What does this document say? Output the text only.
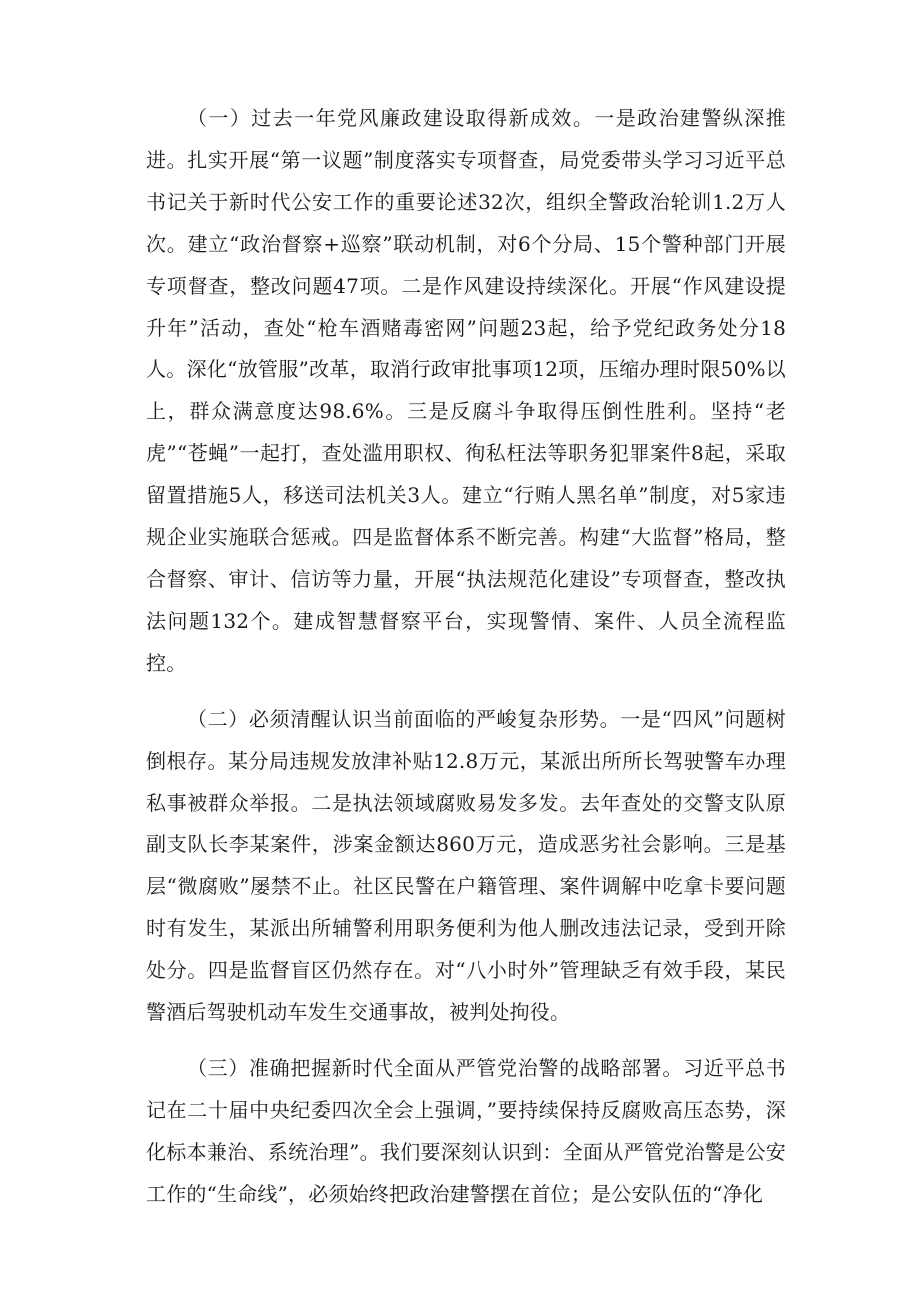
（一）过去一年党风廉政建设取得新成效。一是政治建警纵深推进。扎实开展“第一议题”制度落实专项督查，局党委带头学习习近平总书记关于新时代公安工作的重要论述32次，组织全警政治轮训1.2万人次。建立“政治督察+巡察”联动机制，对6个分局、15个警种部门开展专项督查，整改问题47项。二是作风建设持续深化。开展“作风建设提升年”活动，查处“枪车酒赌毒密网”问题23起，给予党纪政务处分18人。深化“放管服”改革，取消行政审批事项12项，压缩办理时限50%以上，群众满意度达98.6%。三是反腐斗争取得压倒性胜利。坚持“老虎”“苍蝇”一起打，查处滥用职权、徇私枉法等职务犯罪案件8起，采取留置措施5人，移送司法机关3人。建立“行贿人黑名单”制度，对5家违规企业实施联合惩戒。四是监督体系不断完善。构建“大监督”格局，整合督察、审计、信访等力量，开展“执法规范化建设”专项督查，整改执法问题132个。建成智慧督察平台，实现警情、案件、人员全流程监控。

（二）必须清醒认识当前面临的严峻复杂形势。一是“四风”问题树倒根存。某分局违规发放津补贴12.8万元，某派出所所长驾驶警车办理私事被群众举报。二是执法领域腐败易发多发。去年查处的交警支队原副支队长李某案件，涉案金额达860万元，造成恶劣社会影响。三是基层“微腐败”屡禁不止。社区民警在户籍管理、案件调解中吃拿卡要问题时有发生，某派出所辅警利用职务便利为他人删改违法记录，受到开除处分。四是监督盲区仍然存在。对“八小时外”管理缺乏有效手段，某民警酒后驾驶机动车发生交通事故，被判处拘役。

（三）准确把握新时代全面从严管党治警的战略部署。习近平总书记在二十届中央纪委四次全会上强调，”要持续保持反腐败高压态势，深化标本兼治、系统治理”。我们要深刻认识到：全面从严管党治警是公安工作的“生命线”，必须始终把政治建警摆在首位；是公安队伍的“净化
